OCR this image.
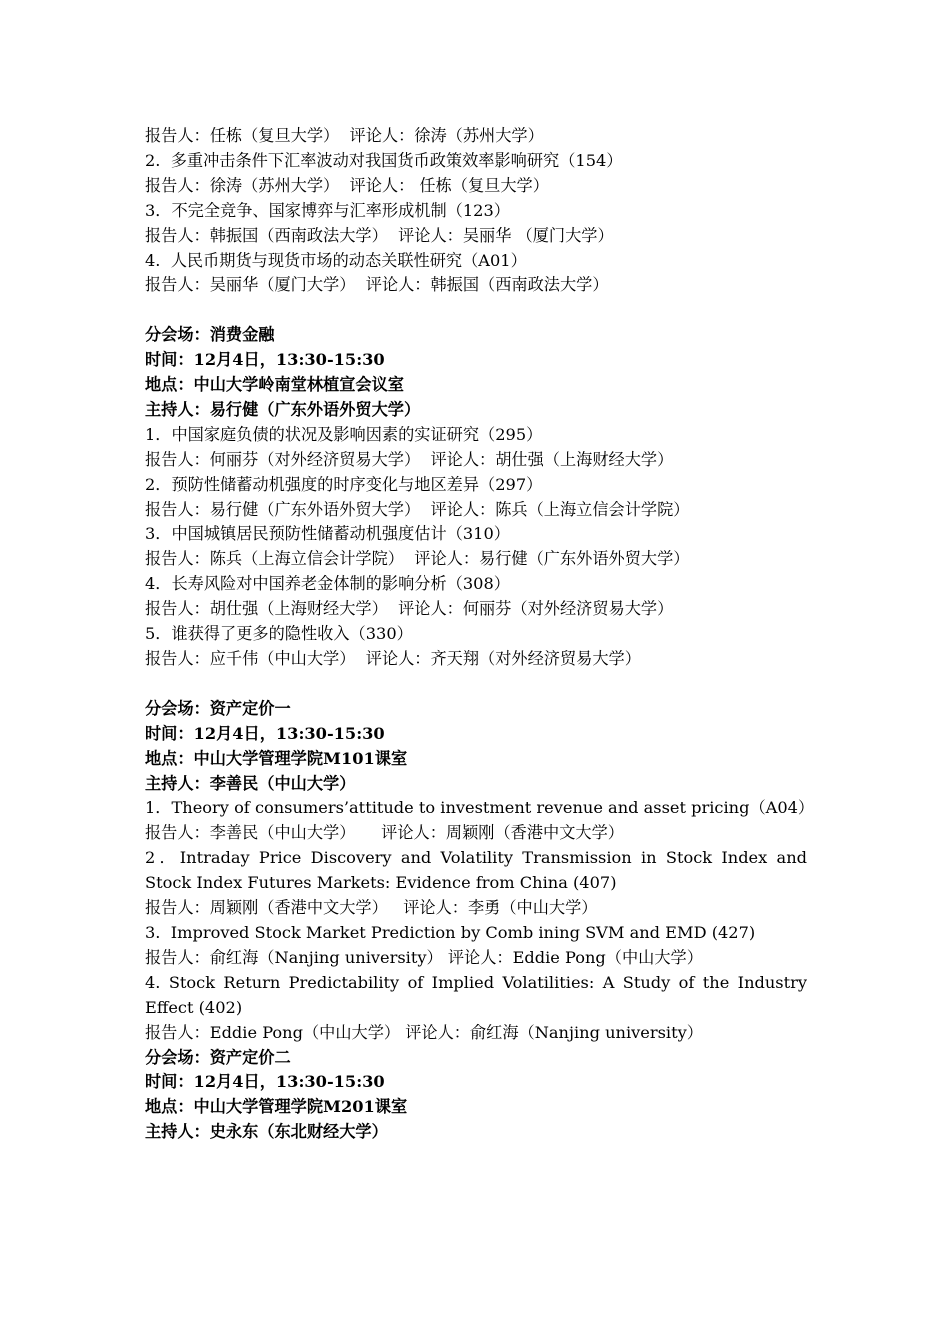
报告人：任栋（复旦大学）  评论人：徐涛（苏州大学）
2.  多重冲击条件下汇率波动对我国货币政策效率影响研究（154）
报告人：徐涛（苏州大学）  评论人： 任栋（复旦大学）
3．不完全竞争、国家博弈与汇率形成机制（123）
报告人：韩振国（西南政法大学）  评论人：吴丽华 （厦门大学）
4.  人民币期货与现货市场的动态关联性研究（A01）
报告人：吴丽华（厦门大学）  评论人：韩振国（西南政法大学）
分会场：消费金融
时间：12月4日，13:30-15:30
地点：中山大学岭南堂林植宣会议室
主持人：易行健（广东外语外贸大学）
1．中国家庭负债的状况及影响因素的实证研究（295）
报告人：何丽芬（对外经济贸易大学）  评论人：胡仕强（上海财经大学）
2．预防性储蓄动机强度的时序变化与地区差异（297）
报告人：易行健（广东外语外贸大学）  评论人：陈兵（上海立信会计学院）
3．中国城镇居民预防性储蓄动机强度估计（310）
报告人：陈兵（上海立信会计学院）  评论人：易行健（广东外语外贸大学）
4．长寿风险对中国养老金体制的影响分析（308）
报告人：胡仕强（上海财经大学）  评论人：何丽芬（对外经济贸易大学）
5．谁获得了更多的隐性收入（330）
报告人：应千伟（中山大学）  评论人：齐天翔（对外经济贸易大学）
分会场：资产定价一
时间：12月4日，13:30-15:30
地点：中山大学管理学院M101课室
主持人：李善民（中山大学）
1．Theory of consumers’attitude to investment revenue and asset pricing（A04）
报告人：李善民（中山大学）     评论人：周颖刚（香港中文大学）
2．Intraday Price Discovery and Volatility Transmission in Stock Index and Stock Index Futures Markets: Evidence from China (407)
报告人：周颖刚（香港中文大学）   评论人：李勇（中山大学）
3.  Improved Stock Market Prediction by Comb ining SVM and EMD (427)
报告人：俞红海（Nanjing university） 评论人：Eddie Pong（中山大学）
4. Stock Return Predictability of Implied Volatilities: A Study of the Industry Effect (402)
报告人：Eddie Pong（中山大学） 评论人：俞红海（Nanjing university）
分会场：资产定价二
时间：12月4日，13:30-15:30
地点：中山大学管理学院M201课室
主持人：史永东（东北财经大学）
